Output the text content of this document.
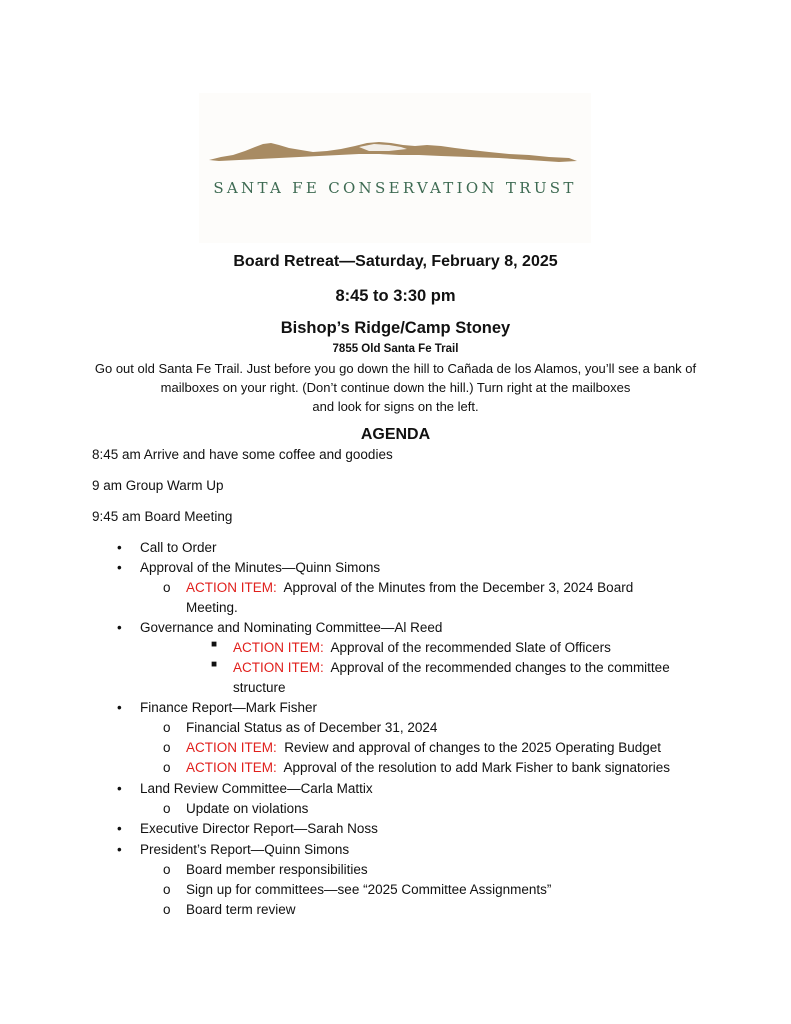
SANTA FE CONSERVATION TRUST
Board Retreat—Saturday, February 8, 2025
8:45 to 3:30 pm
Bishop’s Ridge/Camp Stoney
7855 Old Santa Fe Trail
Go out old Santa Fe Trail. Just before you go down the hill to Cañada de los Alamos, you’ll see a bank of
mailboxes on your right. (Don’t continue down the hill.) Turn right at the mailboxes
and look for signs on the left.
AGENDA
8:45 am Arrive and have some coffee and goodies
9 am Group Warm Up
9:45 am Board Meeting
• Call to Order
• Approval of the Minutes—Quinn Simons
o ACTION ITEM: Approval of the Minutes from the December 3, 2024 Board
Meeting.
• Governance and Nominating Committee—Al Reed
■ ACTION ITEM: Approval of the recommended Slate of Officers
■ ACTION ITEM: Approval of the recommended changes to the committee
structure
• Finance Report—Mark Fisher
o Financial Status as of December 31, 2024
o ACTION ITEM: Review and approval of changes to the 2025 Operating Budget
o ACTION ITEM: Approval of the resolution to add Mark Fisher to bank signatories
• Land Review Committee—Carla Mattix
o Update on violations
• Executive Director Report—Sarah Noss
• President’s Report—Quinn Simons
o Board member responsibilities
o Sign up for committees—see “2025 Committee Assignments”
o Board term review
